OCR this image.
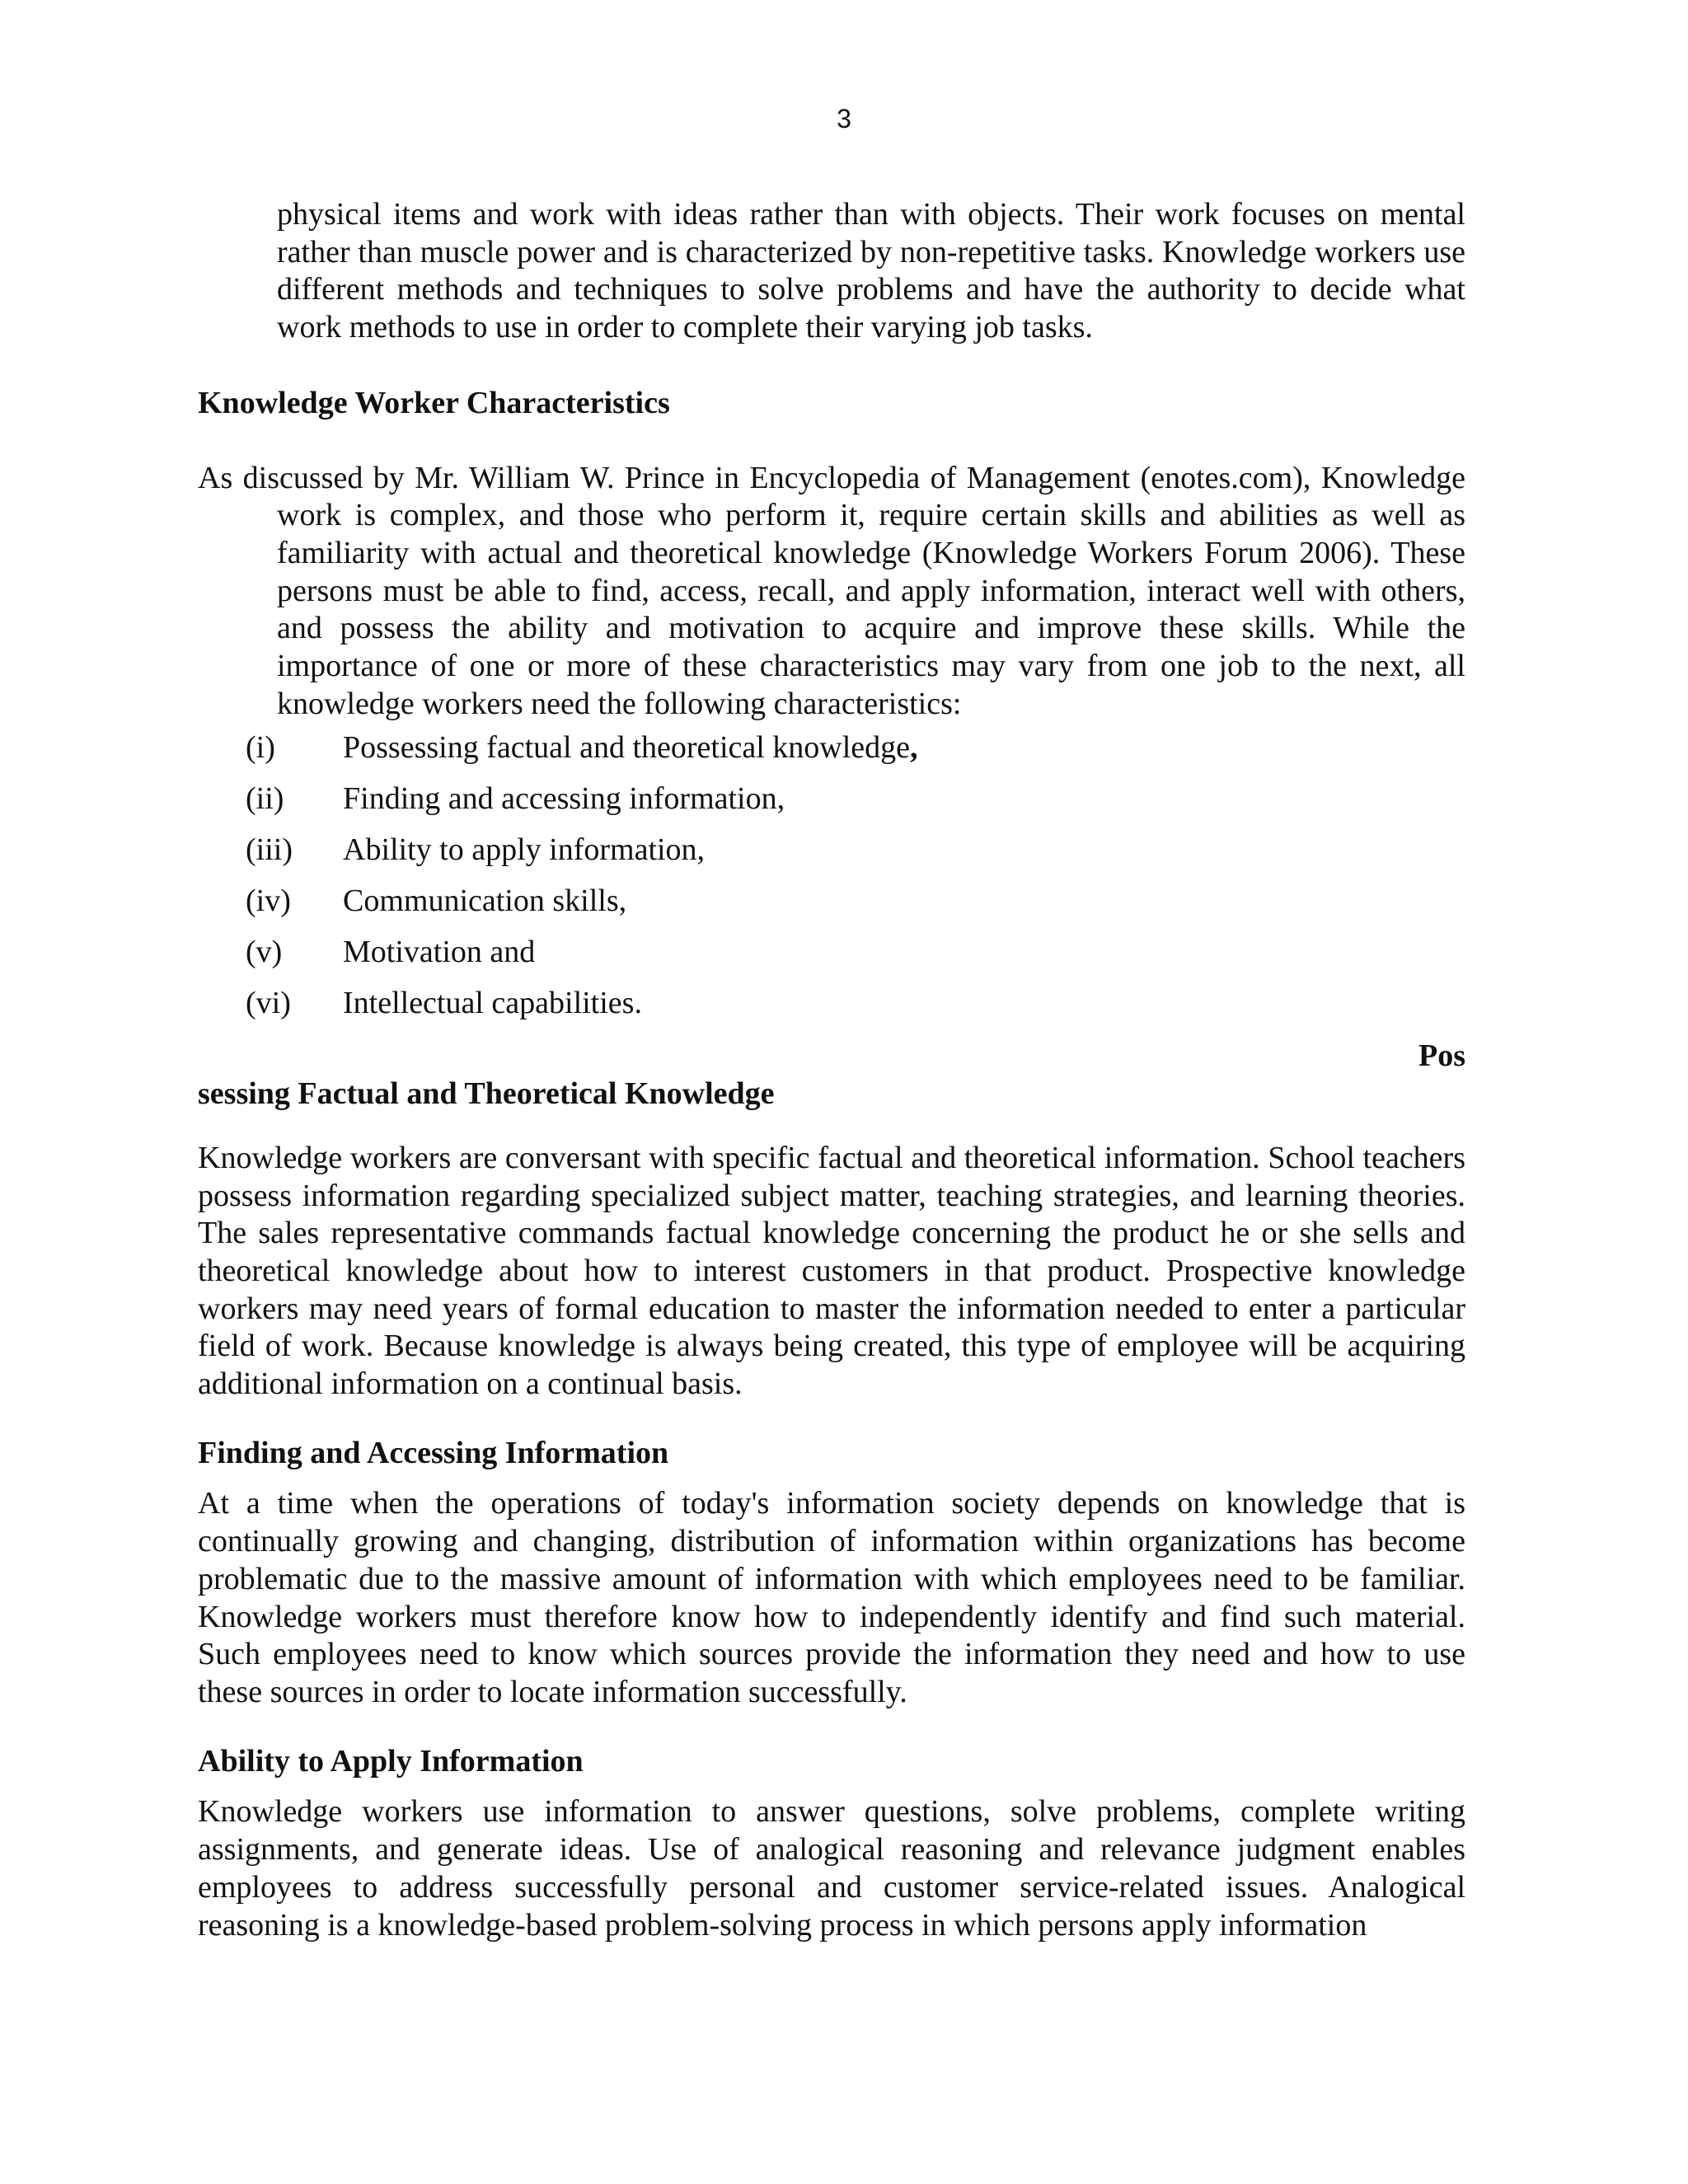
3

physical items and work with ideas rather than with objects. Their work focuses on mental rather than muscle power and is characterized by non-repetitive tasks. Knowledge workers use different methods and techniques to solve problems and have the authority to decide what work methods to use in order to complete their varying job tasks.

Knowledge Worker Characteristics

As discussed by Mr. William W. Prince in Encyclopedia of Management (enotes.com), Knowledge work is complex, and those who perform it, require certain skills and abilities as well as familiarity with actual and theoretical knowledge (Knowledge Workers Forum 2006). These persons must be able to find, access, recall, and apply information, interact well with others, and possess the ability and motivation to acquire and improve these skills. While the importance of one or more of these characteristics may vary from one job to the next, all knowledge workers need the following characteristics:

(i)	Possessing factual and theoretical knowledge,
(ii)	Finding and accessing information,
(iii)	Ability to apply information,
(iv)	Communication skills,
(v)	Motivation and
(vi)	Intellectual capabilities.

Pos

sessing Factual and Theoretical Knowledge

Knowledge workers are conversant with specific factual and theoretical information. School teachers possess information regarding specialized subject matter, teaching strategies, and learning theories. The sales representative commands factual knowledge concerning the product he or she sells and theoretical knowledge about how to interest customers in that product. Prospective knowledge workers may need years of formal education to master the information needed to enter a particular field of work. Because knowledge is always being created, this type of employee will be acquiring additional information on a continual basis.

Finding and Accessing Information

At a time when the operations of today's information society depends on knowledge that is continually growing and changing, distribution of information within organizations has become problematic due to the massive amount of information with which employees need to be familiar. Knowledge workers must therefore know how to independently identify and find such material. Such employees need to know which sources provide the information they need and how to use these sources in order to locate information successfully.

Ability to Apply Information

Knowledge workers use information to answer questions, solve problems, complete writing assignments, and generate ideas. Use of analogical reasoning and relevance judgment enables employees to address successfully personal and customer service-related issues. Analogical reasoning is a knowledge-based problem-solving process in which persons apply information
